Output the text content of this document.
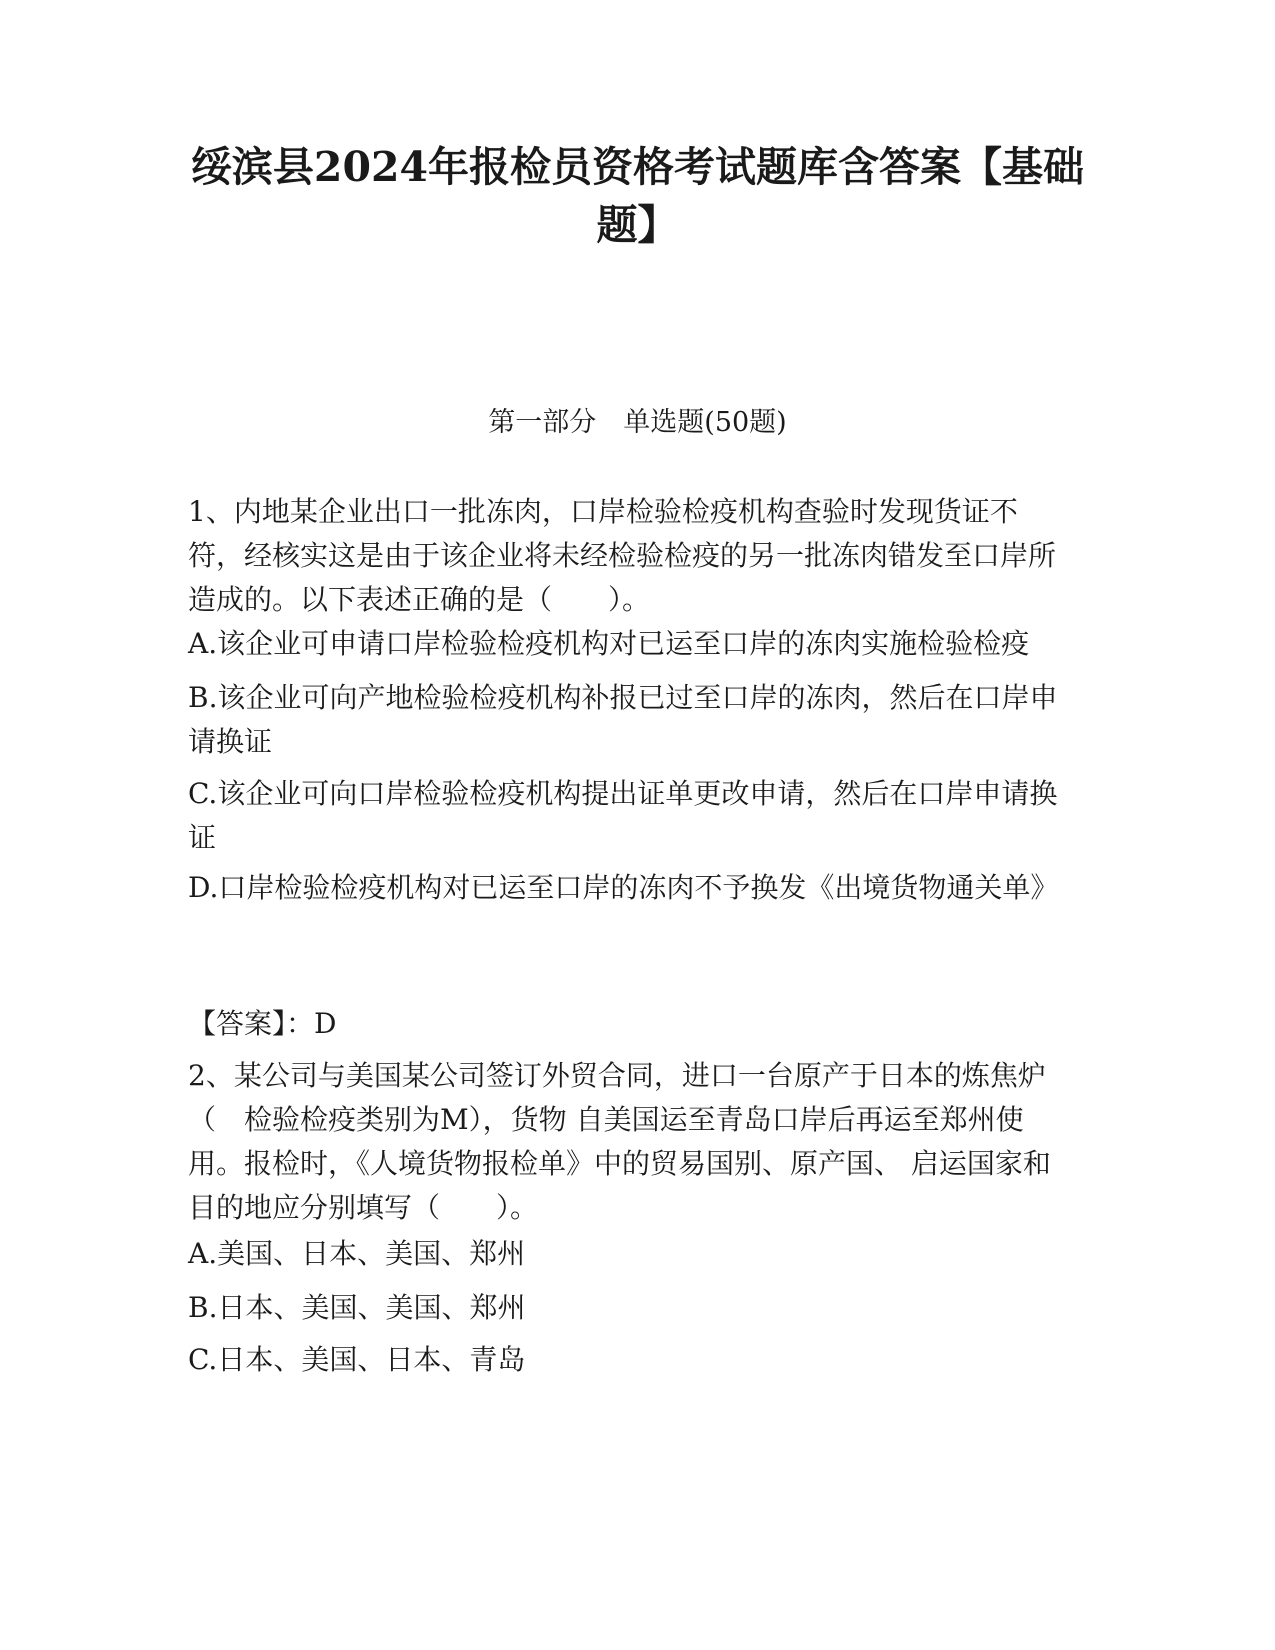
绥滨县2024年报检员资格考试题库含答案【基础题】
第一部分　单选题(50题)
1、内地某企业出口一批冻肉，口岸检验检疫机构查验时发现货证不符，经核实这是由于该企业将未经检验检疫的另一批冻肉错发至口岸所造成的。以下表述正确的是（　　）。
A.该企业可申请口岸检验检疫机构对已运至口岸的冻肉实施检验检疫
B.该企业可向产地检验检疫机构补报已过至口岸的冻肉，然后在口岸申请换证
C.该企业可向口岸检验检疫机构提出证单更改申请，然后在口岸申请换证
D.口岸检验检疫机构对已运至口岸的冻肉不予换发《出境货物通关单》
【答案】：D
2、某公司与美国某公司签订外贸合同，进口一台原产于日本的炼焦炉（　检验检疫类别为M），货物 自美国运至青岛口岸后再运至郑州使用。报检时，《人境货物报检单》中的贸易国别、原产国、 启运国家和目的地应分别填写（　　）。
A.美国、日本、美国、郑州
B.日本、美国、美国、郑州
C.日本、美国、日本、青岛
